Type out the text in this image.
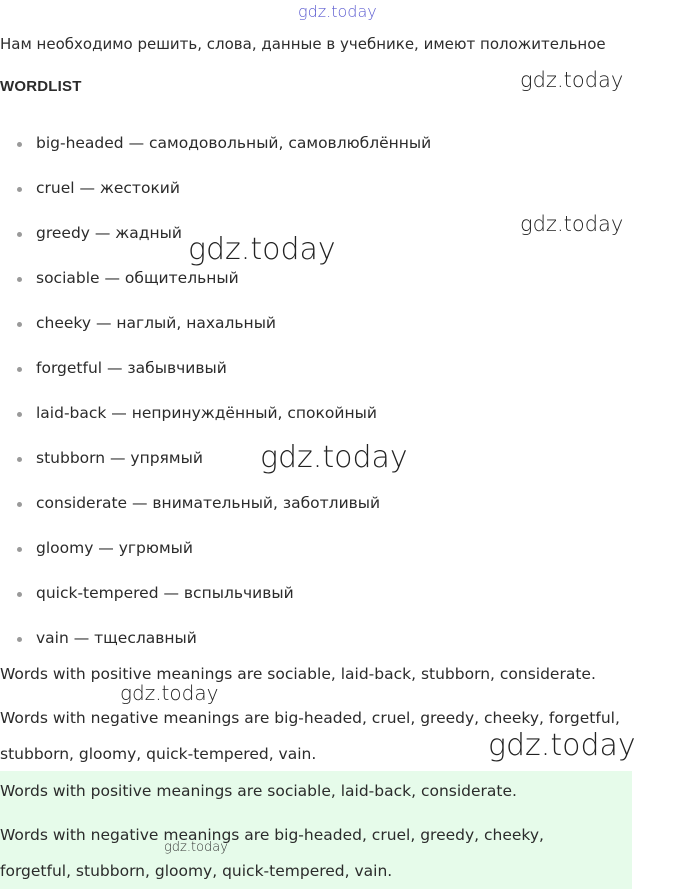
gdz.today
Нам необходимо решить, слова, данные в учебнике, имеют положительное
WORDLIST
big-headed — самодовольный, самовлюблённый
cruel — жестокий
greedy — жадный
sociable — общительный
cheeky — наглый, нахальный
forgetful — забывчивый
laid-back — непринуждённый, спокойный
stubborn — упрямый
considerate — внимательный, заботливый
gloomy — угрюмый
quick-tempered — вспыльчивый
vain — тщеславный
Words with positive meanings are sociable, laid-back, stubborn, considerate.
Words with negative meanings are big-headed, cruel, greedy, cheeky, forgetful, stubborn, gloomy, quick-tempered, vain.
Words with positive meanings are sociable, laid-back, considerate.
Words with negative meanings are big-headed, cruel, greedy, cheeky, forgetful, stubborn, gloomy, quick-tempered, vain.
gdz.today
gdz.today
gdz.today
gdz.today
gdz.today
gdz.today
gdz.today
